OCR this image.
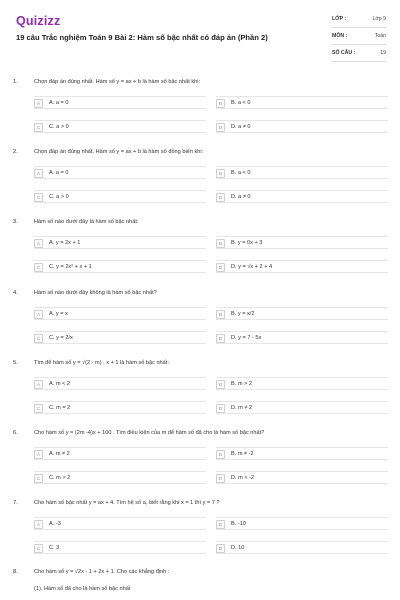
Quizizz
19 câu Trắc nghiệm Toán 9 Bài 2: Hàm số bậc nhất có đáp án (Phần 2)
LỚP :	Lớp 9
MÔN :	Toán
SỐ CÂU :	19
1.	Chọn đáp án đúng nhất. Hàm số y = ax + b là hàm số bậc nhất khi:
A	A. a = 0	B	B. a < 0
C	C. a > 0	D	D. a ≠ 0
2.	Chọn đáp án đúng nhất. Hàm số y = ax + b là hàm số đồng biến khi:
A	A. a = 0	B	B. a < 0
C	C. a > 0	D	D. a ≠ 0
3.	Hàm số nào dưới đây là hàm số bậc nhất:
A	A. y = 2x + 1	B	B. y = 0x + 3
C	C. y = 2x² + x + 1	D	D. y = √x + 2 + 4
4.	Hàm số nào dưới đây không là hàm số bậc nhất?
A	A. y = x	B	B. y = x/2
C	C. y = 2/x	D	D. y = 7 - 5x
5.	Tìm để hàm số y = √(2 - m) . x + 1 là hàm số bậc nhất:
A	A. m < 2	B	B. m > 2
C	C. m = 2	D	D. m ≠ 2
6.	Cho hàm số y = (2m -4)x + 100 . Tìm điều kiện của m để hàm số đã cho là hàm số bậc nhất?
A	A. m ≠ 2	B	B. m ≠ -2
C	C. m > 2	D	D. m < -2
7.	Cho hàm số bậc nhất y = ax + 4. Tìm hệ số a, biết rằng khi x = 1 thì y = 7 ?
A	A. -3	B	B. -10
C	C. 3	D	D. 10
8.	Cho hàm số y = √2x - 1 + 2x + 1. Cho các khẳng định :
(1). Hàm số đã cho là hàm số bậc nhất
